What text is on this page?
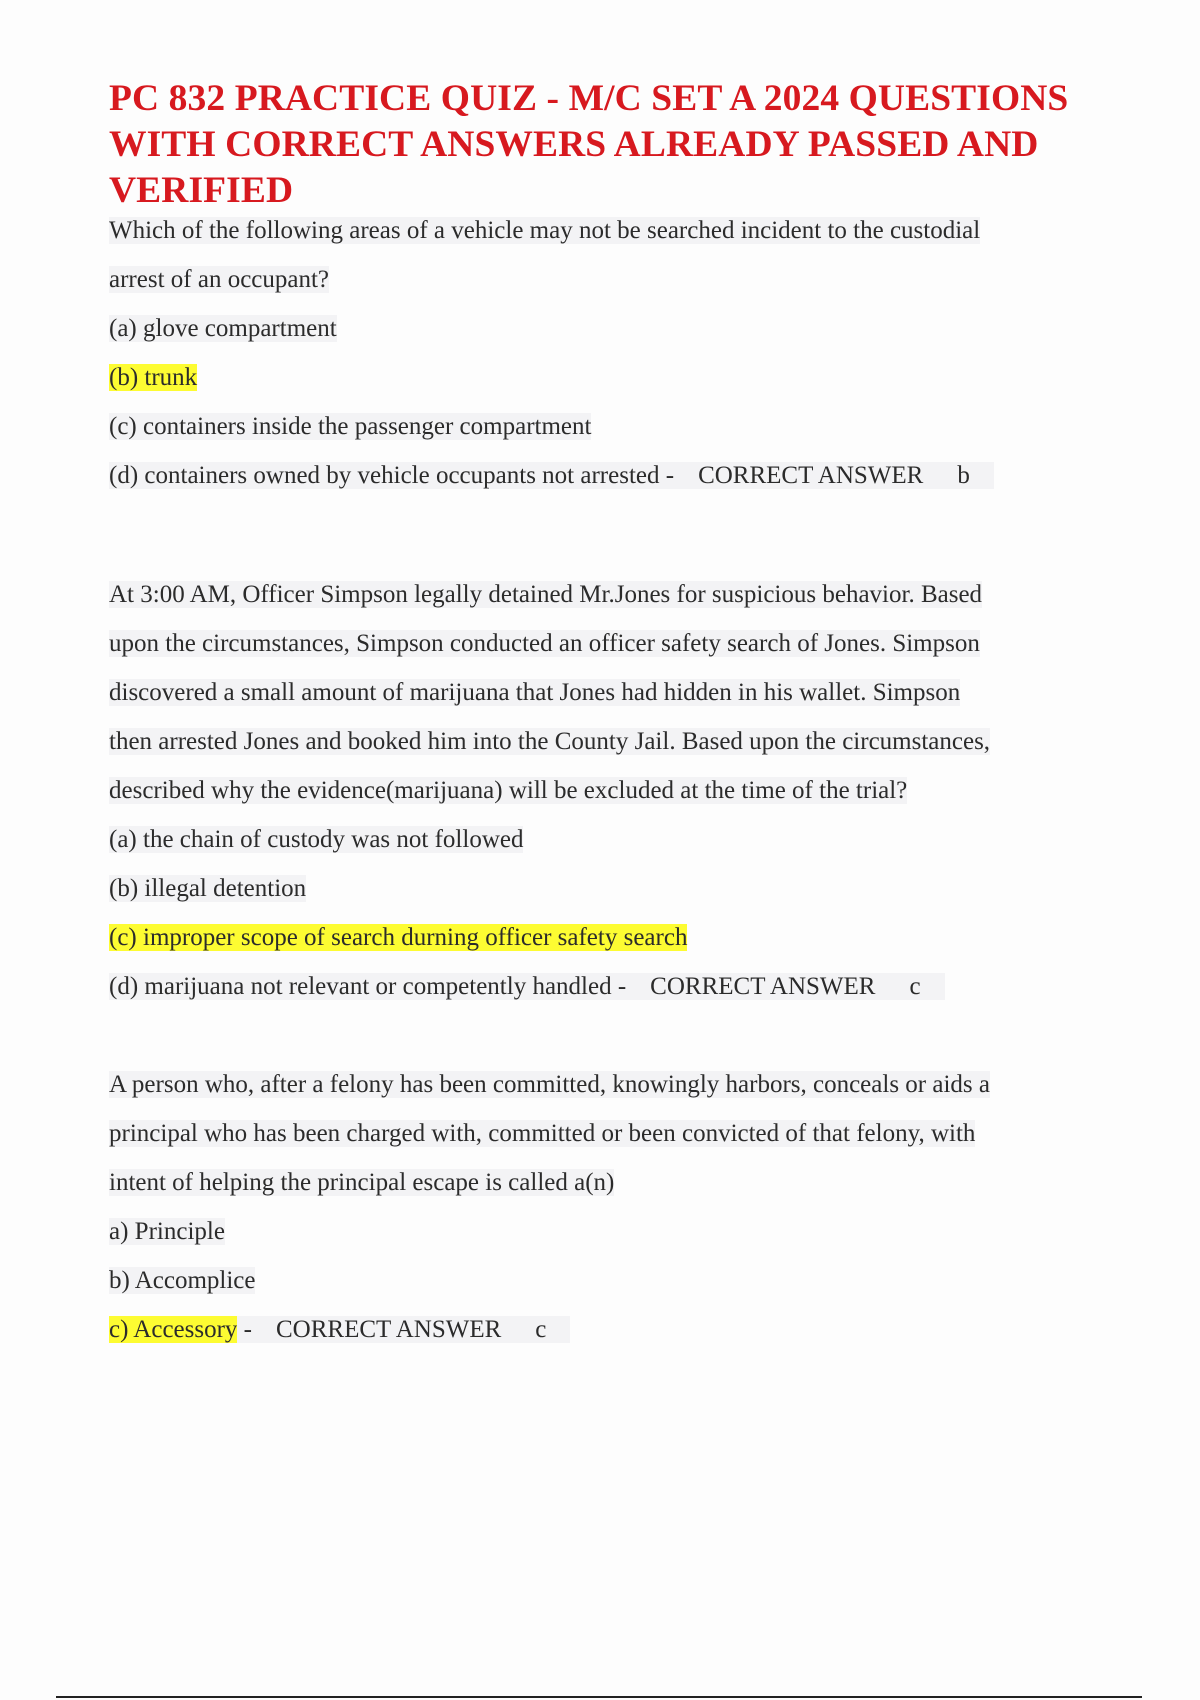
PC 832 PRACTICE QUIZ - M/C SET A 2024 QUESTIONS WITH CORRECT ANSWERS ALREADY PASSED AND VERIFIED
Which of the following areas of a vehicle may not be searched incident to the custodial
arrest of an occupant?
(a) glove compartment
(b) trunk
(c) containers inside the passenger compartment
(d) containers owned by vehicle occupants not arrested - CORRECT ANSWER b
At 3:00 AM, Officer Simpson legally detained Mr.Jones for suspicious behavior. Based
upon the circumstances, Simpson conducted an officer safety search of Jones. Simpson
discovered a small amount of marijuana that Jones had hidden in his wallet. Simpson
then arrested Jones and booked him into the County Jail. Based upon the circumstances,
described why the evidence(marijuana) will be excluded at the time of the trial?
(a) the chain of custody was not followed
(b) illegal detention
(c) improper scope of search durning officer safety search
(d) marijuana not relevant or competently handled - CORRECT ANSWER c
A person who, after a felony has been committed, knowingly harbors, conceals or aids a
principal who has been charged with, committed or been convicted of that felony, with
intent of helping the principal escape is called a(n)
a) Principle
b) Accomplice
c) Accessory - CORRECT ANSWER c
